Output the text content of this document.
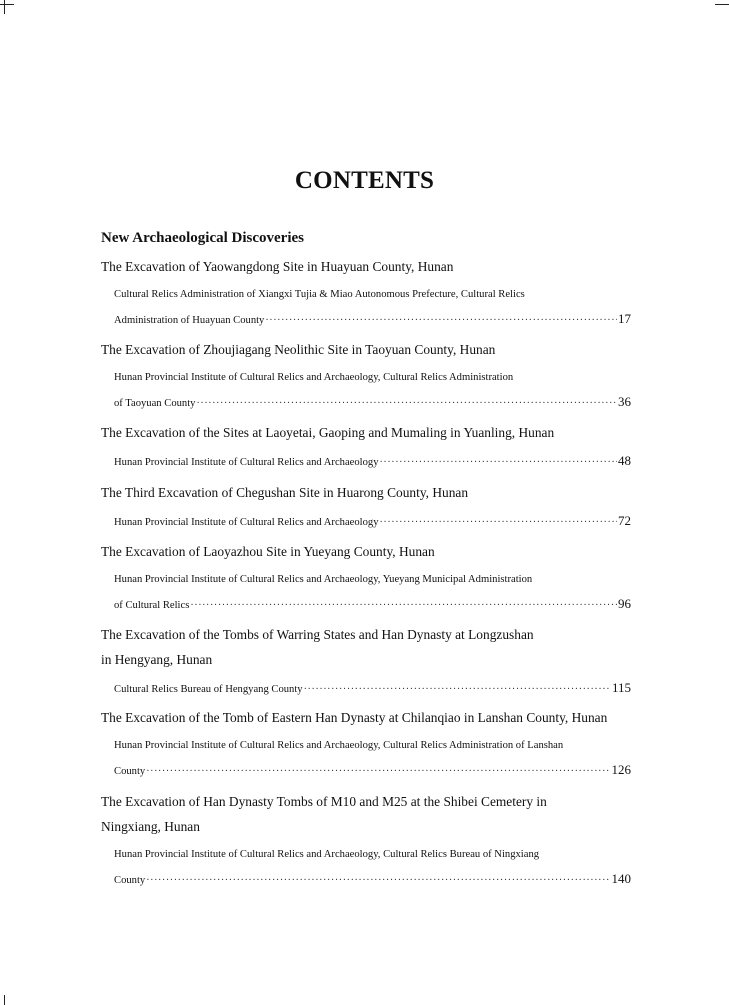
CONTENTS
New Archaeological Discoveries
The Excavation of Yaowangdong Site in Huayuan County, Hunan
Cultural Relics Administration of Xiangxi Tujia & Miao Autonomous Prefecture, Cultural Relics
Administration of Huayuan County ·····	17
The Excavation of Zhoujiagang Neolithic Site in Taoyuan County, Hunan
Hunan Provincial Institute of Cultural Relics and Archaeology, Cultural Relics Administration
of Taoyuan County ·····	36
The Excavation of the Sites at Laoyetai, Gaoping and Mumaling in Yuanling, Hunan
Hunan Provincial Institute of Cultural Relics and Archaeology ·····	48
The Third Excavation of Chegushan Site in Huarong County, Hunan
Hunan Provincial Institute of Cultural Relics and Archaeology ·····	72
The Excavation of Laoyazhou Site in Yueyang County, Hunan
Hunan Provincial Institute of Cultural Relics and Archaeology, Yueyang Municipal Administration
of Cultural Relics ·····	96
The Excavation of the Tombs of Warring States and Han Dynasty at Longzushan
in Hengyang, Hunan
Cultural Relics Bureau of Hengyang County ·····	115
The Excavation of the Tomb of Eastern Han Dynasty at Chilanqiao in Lanshan County, Hunan
Hunan Provincial Institute of Cultural Relics and Archaeology, Cultural Relics Administration of Lanshan
County ·····	126
The Excavation of Han Dynasty Tombs of M10 and M25 at the Shibei Cemetery in
Ningxiang, Hunan
Hunan Provincial Institute of Cultural Relics and Archaeology, Cultural Relics Bureau of Ningxiang
County ·····	140
